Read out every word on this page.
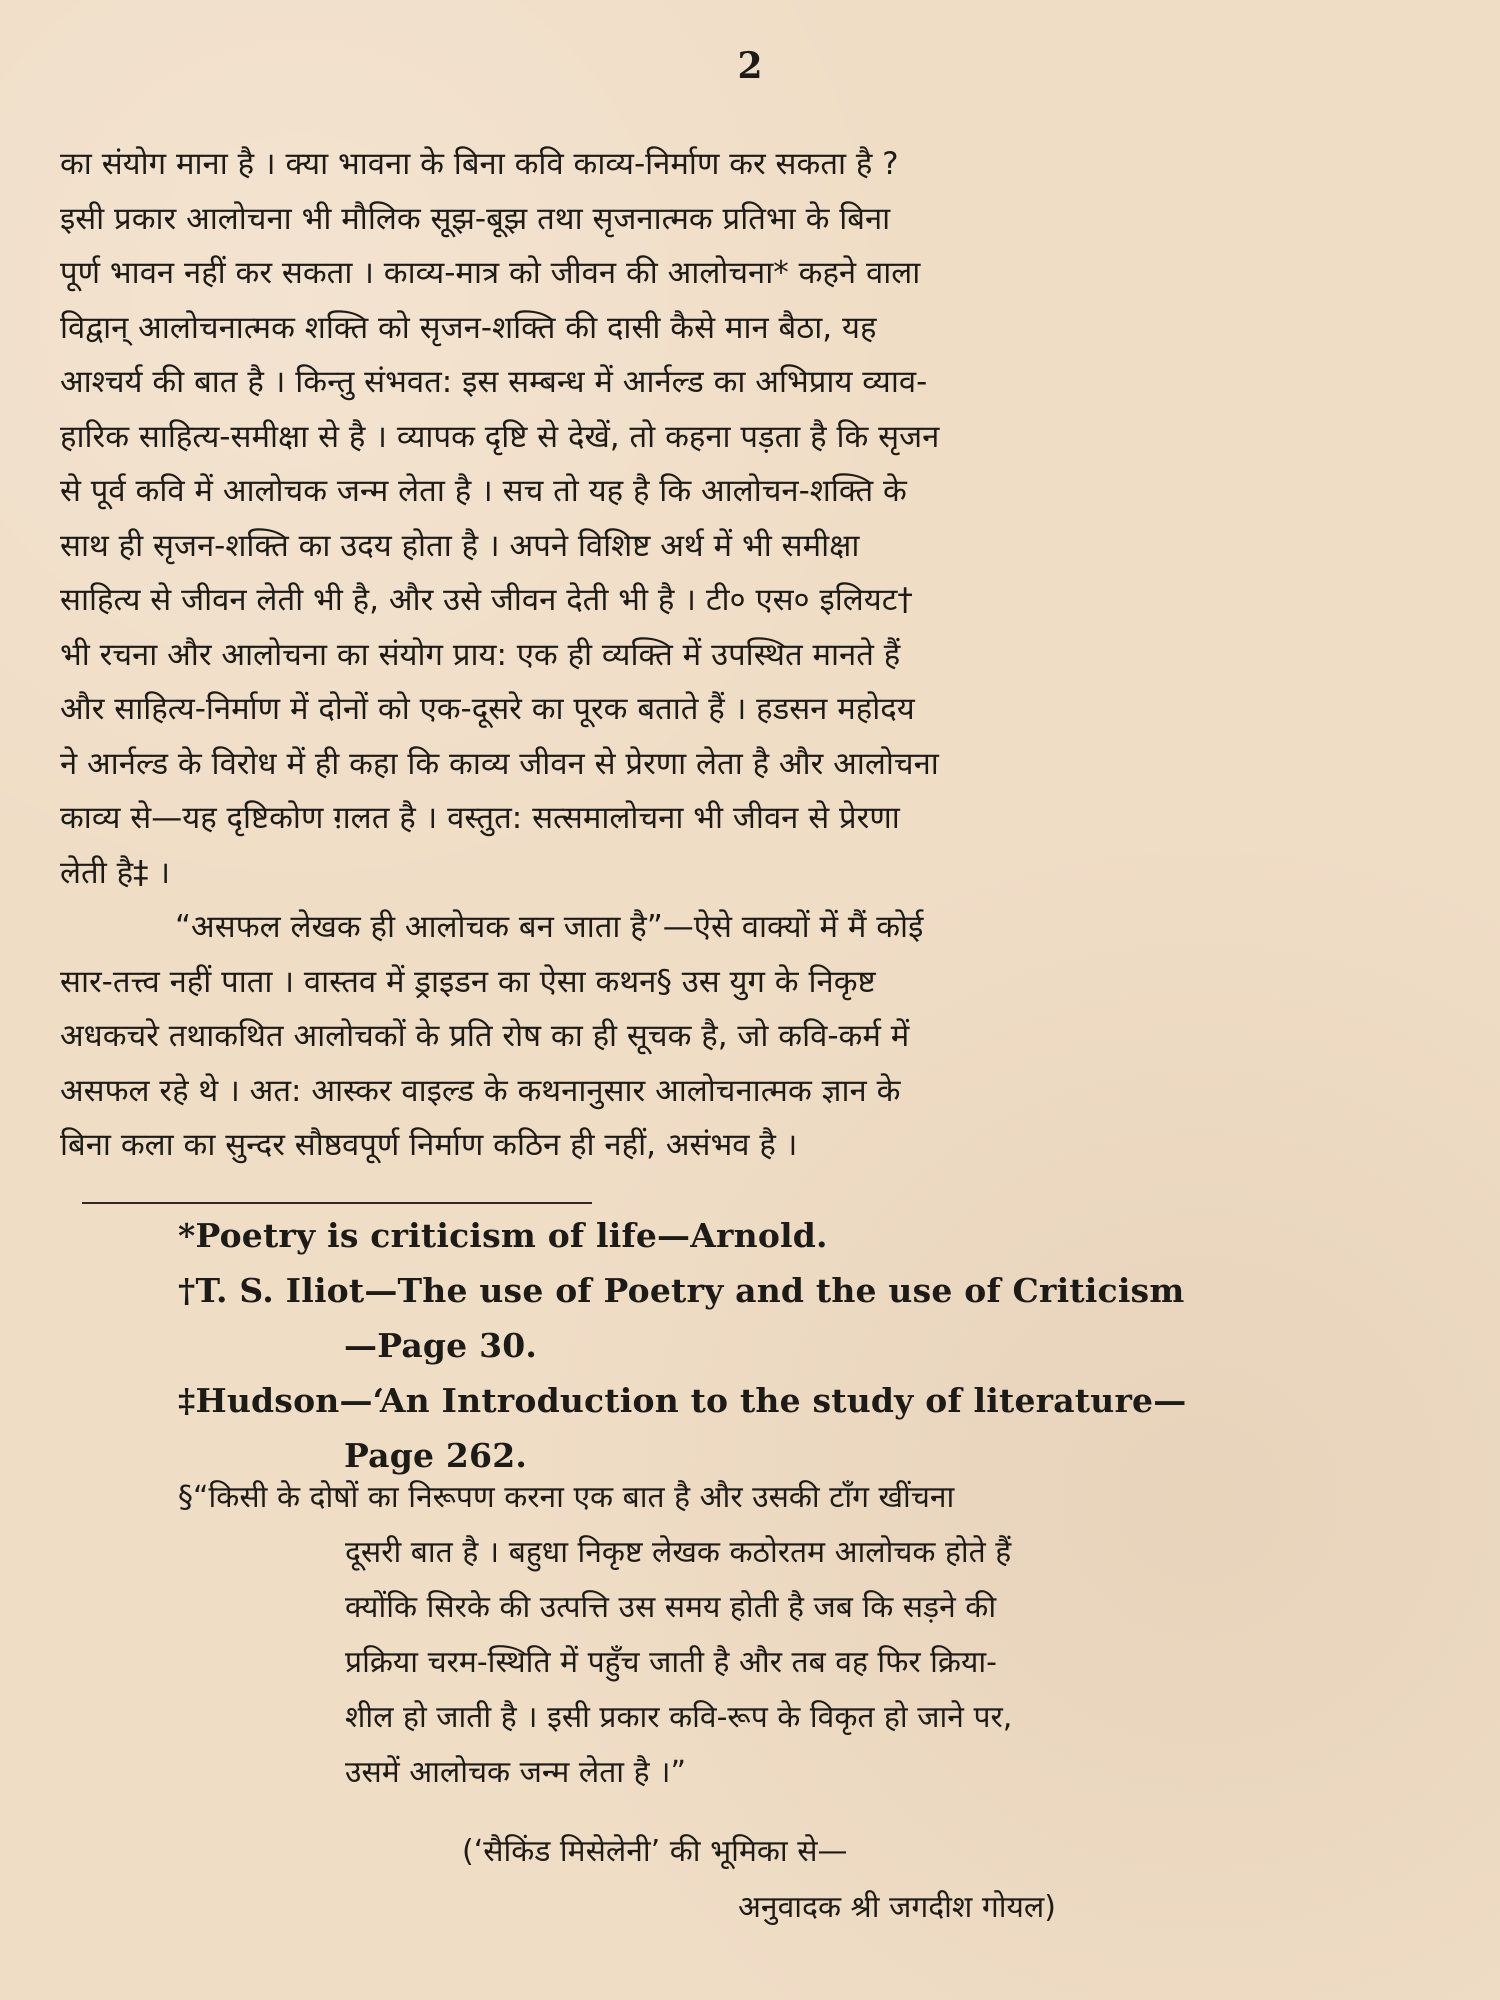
2
का संयोग माना है । क्या भावना के बिना कवि काव्य-निर्माण कर सकता है ?
इसी प्रकार आलोचना भी मौलिक सूझ-बूझ तथा सृजनात्मक प्रतिभा के बिना
पूर्ण भावन नहीं कर सकता । काव्य-मात्र को जीवन की आलोचना* कहने वाला
विद्वान् आलोचनात्मक शक्ति को सृजन-शक्ति की दासी कैसे मान बैठा, यह
आश्चर्य की बात है । किन्तु संभवत: इस सम्बन्ध में आर्नल्ड का अभिप्राय व्याव-
हारिक साहित्य-समीक्षा से है । व्यापक दृष्टि से देखें, तो कहना पड़ता है कि सृजन
से पूर्व कवि में आलोचक जन्म लेता है । सच तो यह है कि आलोचन-शक्ति के
साथ ही सृजन-शक्ति का उदय होता है । अपने विशिष्ट अर्थ में भी समीक्षा
साहित्य से जीवन लेती भी है, और उसे जीवन देती भी है । टी० एस० इलियट†
भी रचना और आलोचना का संयोग प्राय: एक ही व्यक्ति में उपस्थित मानते हैं
और साहित्य-निर्माण में दोनों को एक-दूसरे का पूरक बताते हैं । हडसन महोदय
ने आर्नल्ड के विरोध में ही कहा कि काव्य जीवन से प्रेरणा लेता है और आलोचना
काव्य से—यह दृष्टिकोण ग़लत है । वस्तुत: सत्समालोचना भी जीवन से प्रेरणा
लेती है‡ ।
“असफल लेखक ही आलोचक बन जाता है”—ऐसे वाक्यों में मैं कोई
सार-तत्त्व नहीं पाता । वास्तव में ड्राइडन का ऐसा कथन§ उस युग के निकृष्ट
अधकचरे तथाकथित आलोचकों के प्रति रोष का ही सूचक है, जो कवि-कर्म में
असफल रहे थे । अत: आस्कर वाइल्ड के कथनानुसार आलोचनात्मक ज्ञान के
बिना कला का सुन्दर सौष्ठवपूर्ण निर्माण कठिन ही नहीं, असंभव है ।
*Poetry is criticism of life—Arnold.
†T. S. Iliot—The use of Poetry and the use of Criticism
—Page 30.
‡Hudson—‘An Introduction to the study of literature—
Page 262.
§“किसी के दोषों का निरूपण करना एक बात है और उसकी टाँग खींचना
दूसरी बात है । बहुधा निकृष्ट लेखक कठोरतम आलोचक होते हैं
क्योंकि सिरके की उत्पत्ति उस समय होती है जब कि सड़ने की
प्रक्रिया चरम-स्थिति में पहुँच जाती है और तब वह फिर क्रिया-
शील हो जाती है । इसी प्रकार कवि-रूप के विकृत हो जाने पर,
उसमें आलोचक जन्म लेता है ।”
(‘सैकिंड मिसेलेनी’ की भूमिका से—
अनुवादक श्री जगदीश गोयल)
